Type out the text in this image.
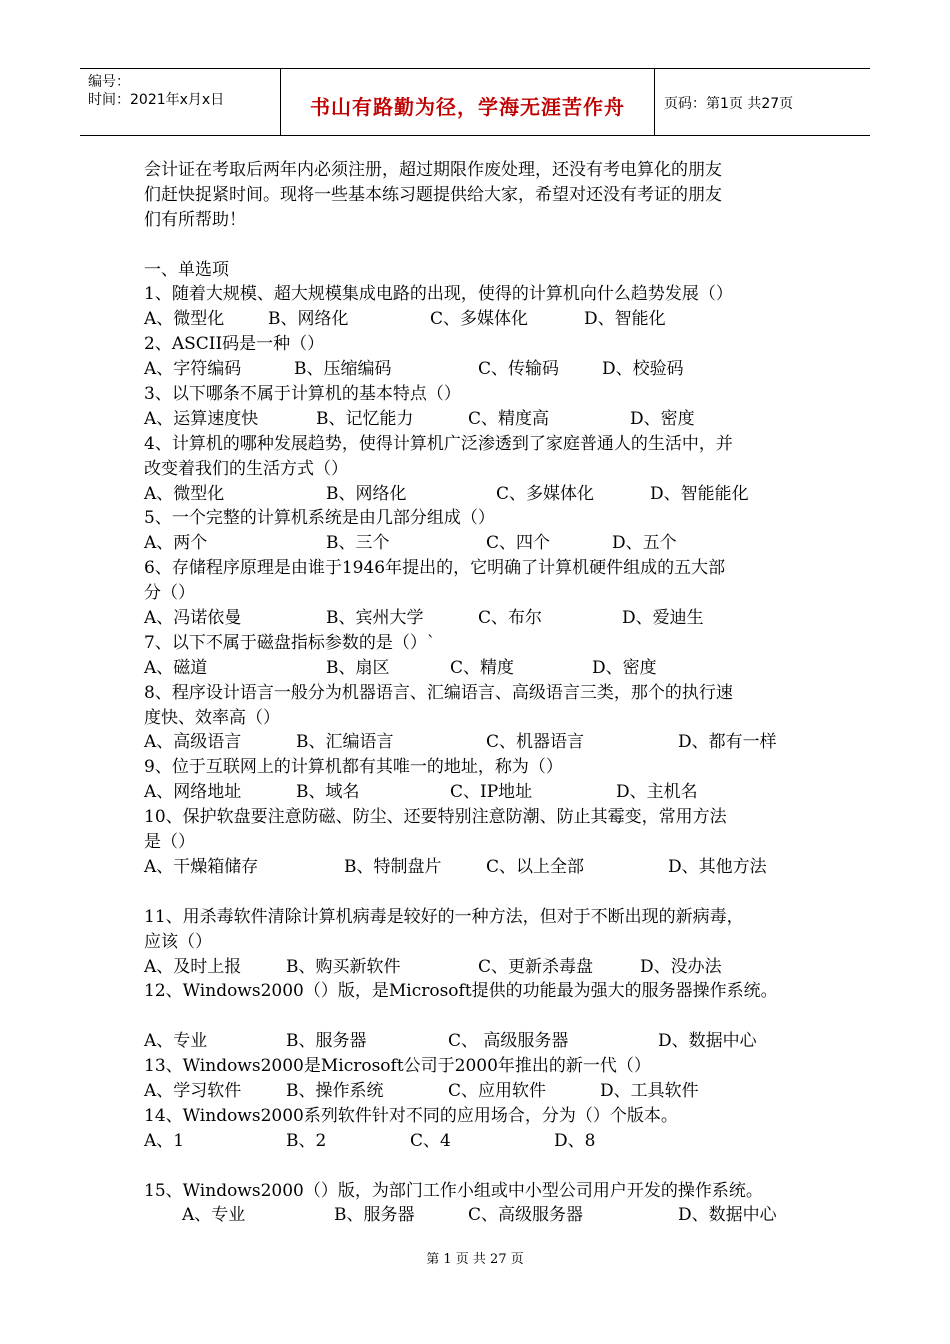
编号：
时间：2021年x月x日	书山有路勤为径，学海无涯苦作舟	页码：第1页 共27页
会计证在考取后两年内必须注册，超过期限作废处理，还没有考电算化的朋友
们赶快捉紧时间。现将一些基本练习题提供给大家，希望对还没有考证的朋友
们有所帮助！
一、单选项
1、随着大规模、超大规模集成电路的出现，使得的计算机向什么趋势发展（）
A、微型化	B、网络化	C、多媒体化	D、智能化
2、ASCII码是一种（）
A、字符编码	B、压缩编码	C、传输码	D、校验码
3、以下哪条不属于计算机的基本特点（）
A、运算速度快	B、记忆能力	C、精度高	D、密度
4、计算机的哪种发展趋势，使得计算机广泛渗透到了家庭普通人的生活中，并
改变着我们的生活方式（）
A、微型化	B、网络化	C、多媒体化	D、智能能化
5、一个完整的计算机系统是由几部分组成（）
A、两个	B、三个	C、四个	D、五个
6、存储程序原理是由谁于1946年提出的，它明确了计算机硬件组成的五大部
分（）
A、冯诺依曼	B、宾州大学	C、布尔	D、爱迪生
7、以下不属于磁盘指标参数的是（）`
A、磁道	B、扇区	C、精度	D、密度
8、程序设计语言一般分为机器语言、汇编语言、高级语言三类，那个的执行速
度快、效率高（）
A、高级语言	B、汇编语言	C、机器语言	D、都有一样
9、位于互联网上的计算机都有其唯一的地址，称为（）
A、网络地址	B、域名	C、IP地址	D、主机名
10、保护软盘要注意防磁、防尘、还要特别注意防潮、防止其霉变，常用方法
是（）
A、干燥箱储存	B、特制盘片	C、以上全部	D、其他方法
11、用杀毒软件清除计算机病毒是较好的一种方法，但对于不断出现的新病毒，
应该（）
A、及时上报	B、购买新软件	C、更新杀毒盘	D、没办法
12、Windows2000（）版，是Microsoft提供的功能最为强大的服务器操作系统。
A、专业	B、服务器	C、 高级服务器	D、数据中心
13、Windows2000是Microsoft公司于2000年推出的新一代（）
A、学习软件	B、操作系统	C、应用软件	D、工具软件
14、Windows2000系列软件针对不同的应用场合，分为（）个版本。
A、1	B、2	C、4	D、8
15、Windows2000（）版，为部门工作小组或中小型公司用户开发的操作系统。
A、专业	B、服务器	C、高级服务器	D、数据中心
第 1 页 共 27 页
